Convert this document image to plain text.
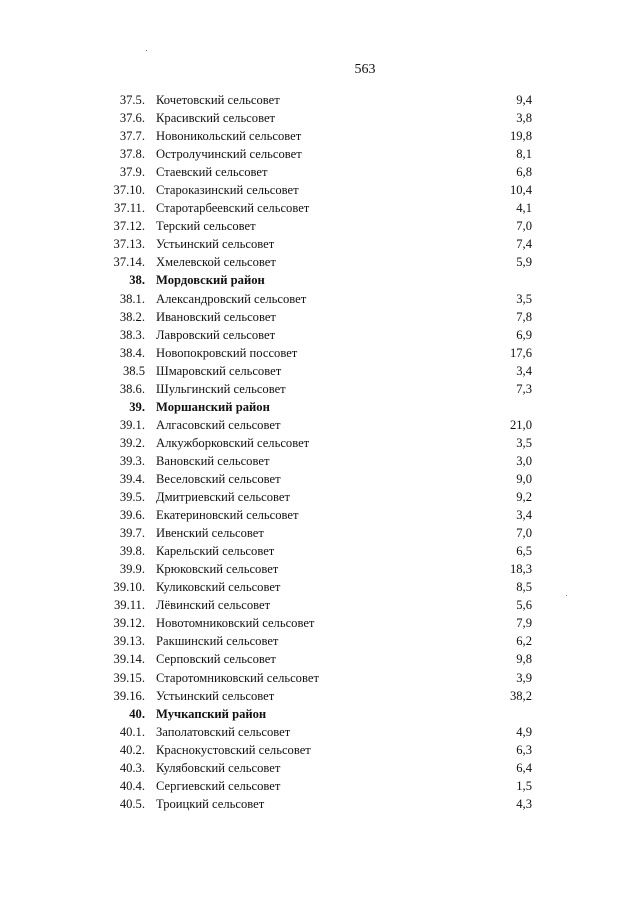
563
37.5. Кочетовский сельсовет	9,4
37.6. Красивский сельсовет	3,8
37.7. Новоникольский сельсовет	19,8
37.8. Остролучинский сельсовет	8,1
37.9. Стаевский сельсовет	6,8
37.10. Староказинский сельсовет	10,4
37.11. Старотарбеевский сельсовет	4,1
37.12. Терский сельсовет	7,0
37.13. Устьинский сельсовет	7,4
37.14. Хмелевской сельсовет	5,9
38. Мордовский район
38.1. Александровский сельсовет	3,5
38.2. Ивановский сельсовет	7,8
38.3. Лавровский сельсовет	6,9
38.4. Новопокровский поссовет	17,6
38.5 Шмаровский сельсовет	3,4
38.6. Шульгинский сельсовет	7,3
39. Моршанский район
39.1. Алгасовский сельсовет	21,0
39.2. Алкужборковский сельсовет	3,5
39.3. Вановский сельсовет	3,0
39.4. Веселовский сельсовет	9,0
39.5. Дмитриевский сельсовет	9,2
39.6. Екатериновский сельсовет	3,4
39.7. Ивенский сельсовет	7,0
39.8. Карельский сельсовет	6,5
39.9. Крюковский сельсовет	18,3
39.10. Куликовский сельсовет	8,5
39.11. Лёвинский сельсовет	5,6
39.12. Новотомниковский сельсовет	7,9
39.13. Ракшинский сельсовет	6,2
39.14. Серповский сельсовет	9,8
39.15. Старотомниковский сельсовет	3,9
39.16. Устьинский сельсовет	38,2
40. Мучкапский район
40.1. Заполатовский сельсовет	4,9
40.2. Краснокустовский сельсовет	6,3
40.3. Кулябовский сельсовет	6,4
40.4. Сергиевский сельсовет	1,5
40.5. Троицкий сельсовет	4,3
